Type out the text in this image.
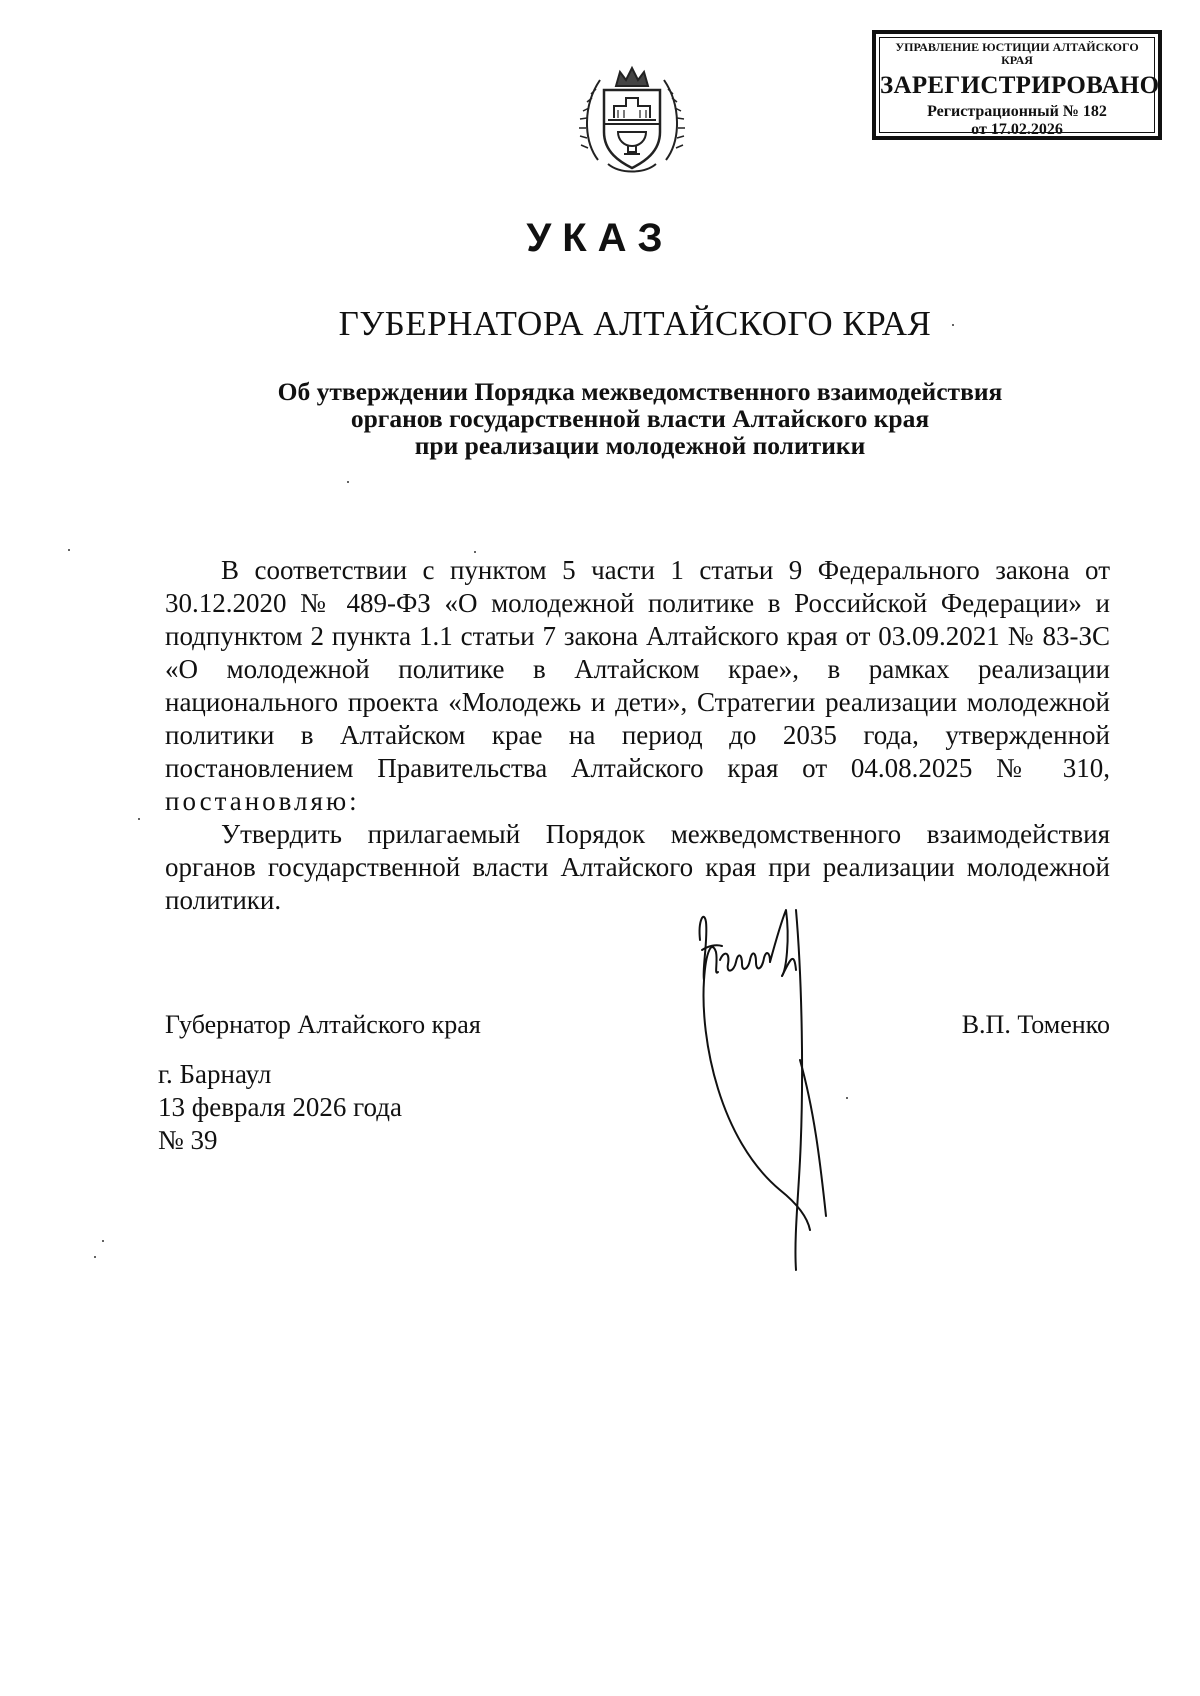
УПРАВЛЕНИЕ ЮСТИЦИИ АЛТАЙСКОГО КРАЯ
ЗАРЕГИСТРИРОВАНО
Регистрационный № 182
от 17.02.2026
УКАЗ
ГУБЕРНАТОРА АЛТАЙСКОГО КРАЯ
Об утверждении Порядка межведомственного взаимодействия
органов государственной власти Алтайского края
при реализации молодежной политики

В соответствии с пунктом 5 части 1 статьи 9 Федерального закона от 30.12.2020 № 489-ФЗ «О молодежной политике в Российской Федерации» и подпунктом 2 пункта 1.1 статьи 7 закона Алтайского края от 03.09.2021 № 83-ЗС «О молодежной политике в Алтайском крае», в рамках реализации национального проекта «Молодежь и дети», Стратегии реализации молодежной политики в Алтайском крае на период до 2035 года, утвержденной постановлением Правительства Алтайского края от 04.08.2025 № 310, постановляю:

Утвердить прилагаемый Порядок межведомственного взаимодействия органов государственной власти Алтайского края при реализации молодежной политики.

Губернатор Алтайского края	В.П. Томенко
г. Барнаул
13 февраля 2026 года
№ 39
